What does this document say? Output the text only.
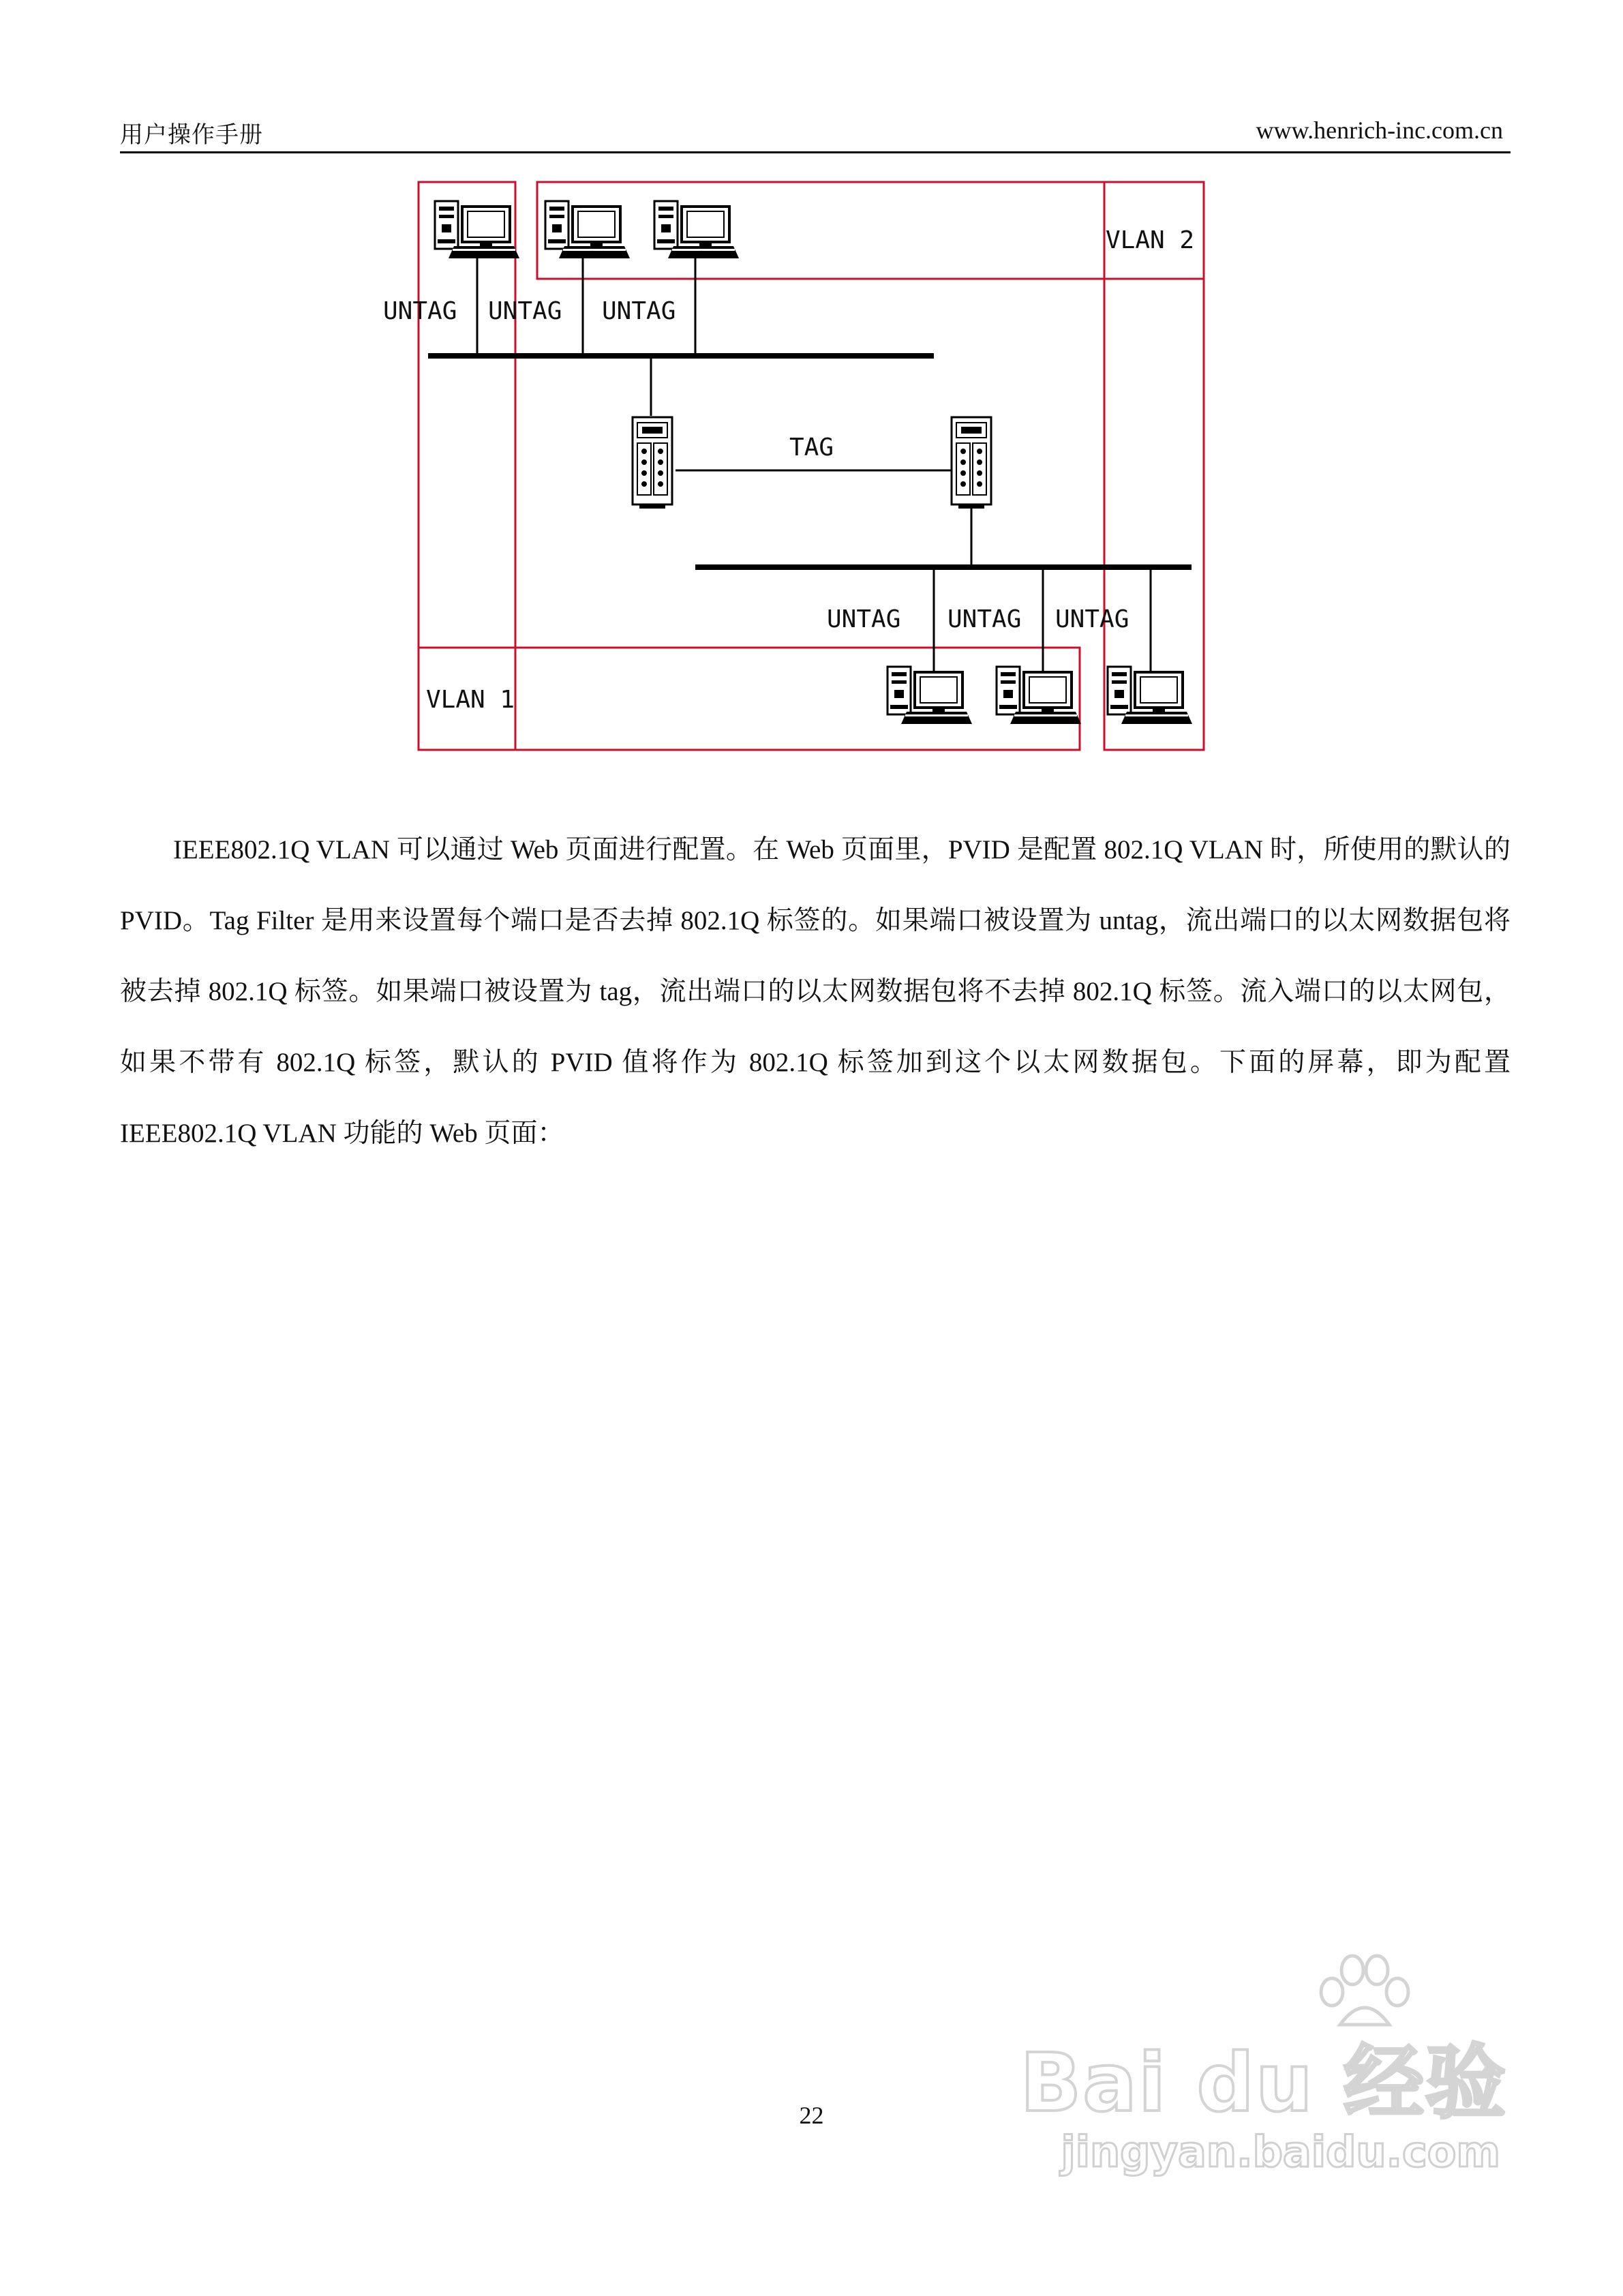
用户操作手册	www.henrich-inc.com.cn
VLAN 2
VLAN 1
UNTAG UNTAG UNTAG
TAG
UNTAG UNTAG UNTAG

IEEE802.1Q VLAN 可以通过 Web 页面进行配置。在 Web 页面里，PVID 是配置 802.1Q VLAN 时，所使用的默认的 PVID。Tag Filter 是用来设置每个端口是否去掉 802.1Q 标签的。如果端口被设置为 untag，流出端口的以太网数据包将被去掉 802.1Q 标签。如果端口被设置为 tag，流出端口的以太网数据包将不去掉 802.1Q 标签。流入端口的以太网包，如果不带有 802.1Q 标签，默认的 PVID 值将作为 802.1Q 标签加到这个以太网数据包。下面的屏幕，即为配置 IEEE802.1Q VLAN 功能的 Web 页面：

22	Bai du 经验
jingyan.baidu.com
